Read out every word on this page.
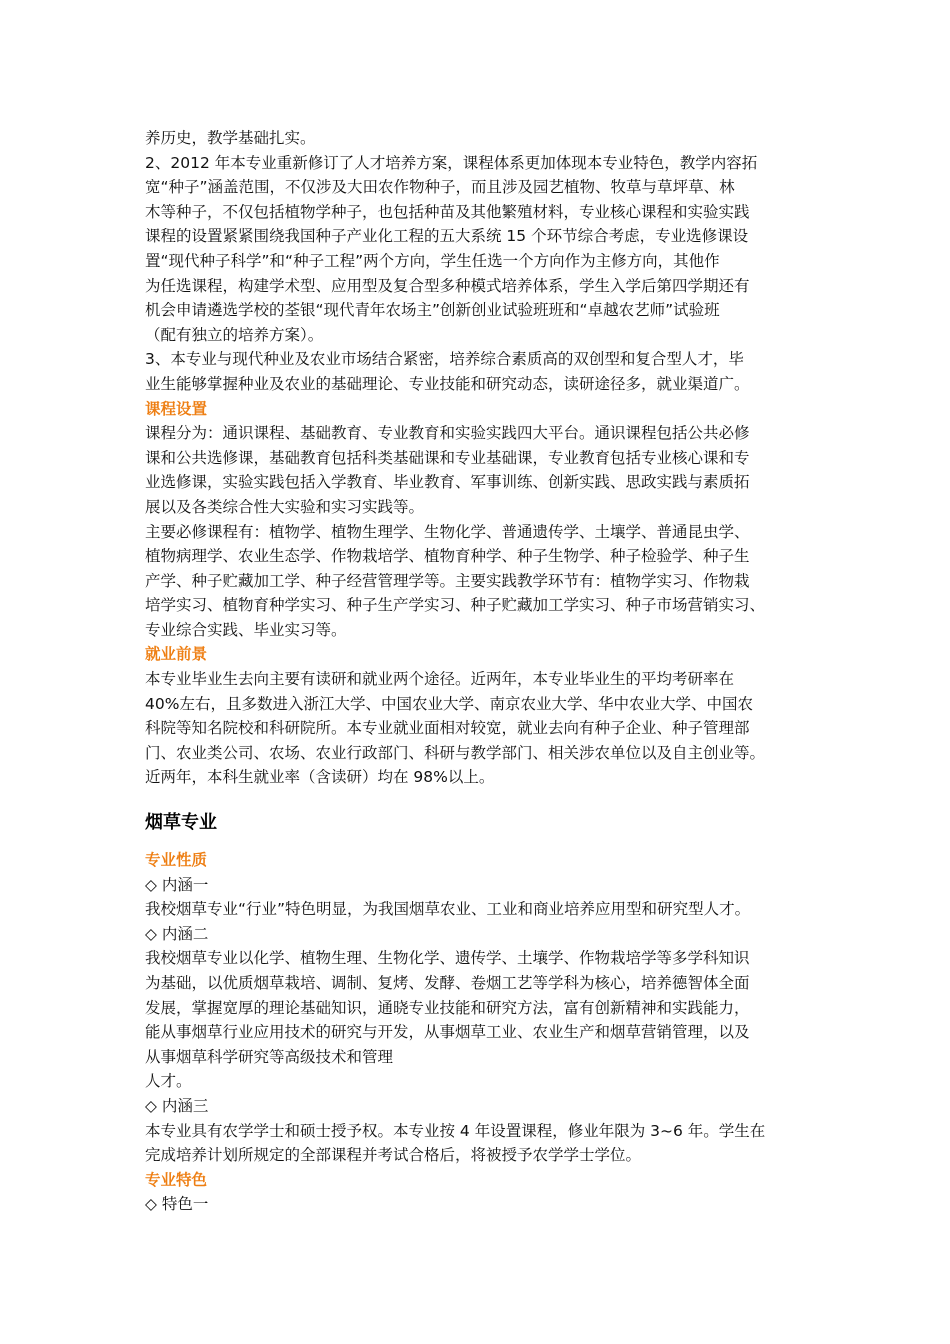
养历史，教学基础扎实。
2、2012 年本专业重新修订了人才培养方案，课程体系更加体现本专业特色，教学内容拓
宽“种子”涵盖范围，不仅涉及大田农作物种子，而且涉及园艺植物、牧草与草坪草、林
木等种子，不仅包括植物学种子，也包括种苗及其他繁殖材料，专业核心课程和实验实践
课程的设置紧紧围绕我国种子产业化工程的五大系统 15 个环节综合考虑，专业选修课设
置“现代种子科学”和“种子工程”两个方向，学生任选一个方向作为主修方向，其他作
为任选课程，构建学术型、应用型及复合型多种模式培养体系，学生入学后第四学期还有
机会申请遴选学校的荃银“现代青年农场主”创新创业试验班班和“卓越农艺师”试验班
（配有独立的培养方案）。
3、本专业与现代种业及农业市场结合紧密，培养综合素质高的双创型和复合型人才，毕
业生能够掌握种业及农业的基础理论、专业技能和研究动态，读研途径多，就业渠道广。
课程设置
课程分为：通识课程、基础教育、专业教育和实验实践四大平台。通识课程包括公共必修
课和公共选修课，基础教育包括科类基础课和专业基础课，专业教育包括专业核心课和专
业选修课，实验实践包括入学教育、毕业教育、军事训练、创新实践、思政实践与素质拓
展以及各类综合性大实验和实习实践等。
主要必修课程有：植物学、植物生理学、生物化学、普通遗传学、土壤学、普通昆虫学、
植物病理学、农业生态学、作物栽培学、植物育种学、种子生物学、种子检验学、种子生
产学、种子贮藏加工学、种子经营管理学等。主要实践教学环节有：植物学实习、作物栽
培学实习、植物育种学实习、种子生产学实习、种子贮藏加工学实习、种子市场营销实习、
专业综合实践、毕业实习等。
就业前景
本专业毕业生去向主要有读研和就业两个途径。近两年，本专业毕业生的平均考研率在
40%左右，且多数进入浙江大学、中国农业大学、南京农业大学、华中农业大学、中国农
科院等知名院校和科研院所。本专业就业面相对较宽，就业去向有种子企业、种子管理部
门、农业类公司、农场、农业行政部门、科研与教学部门、相关涉农单位以及自主创业等。
近两年，本科生就业率（含读研）均在 98%以上。
烟草专业
专业性质
◇ 内涵一
我校烟草专业“行业”特色明显，为我国烟草农业、工业和商业培养应用型和研究型人才。
◇ 内涵二
我校烟草专业以化学、植物生理、生物化学、遗传学、土壤学、作物栽培学等多学科知识
为基础，以优质烟草栽培、调制、复烤、发酵、卷烟工艺等学科为核心，培养德智体全面
发展，掌握宽厚的理论基础知识，通晓专业技能和研究方法，富有创新精神和实践能力，
能从事烟草行业应用技术的研究与开发，从事烟草工业、农业生产和烟草营销管理，以及
从事烟草科学研究等高级技术和管理
人才。
◇ 内涵三
本专业具有农学学士和硕士授予权。本专业按 4 年设置课程，修业年限为 3~6 年。学生在
完成培养计划所规定的全部课程并考试合格后，将被授予农学学士学位。
专业特色
◇ 特色一
